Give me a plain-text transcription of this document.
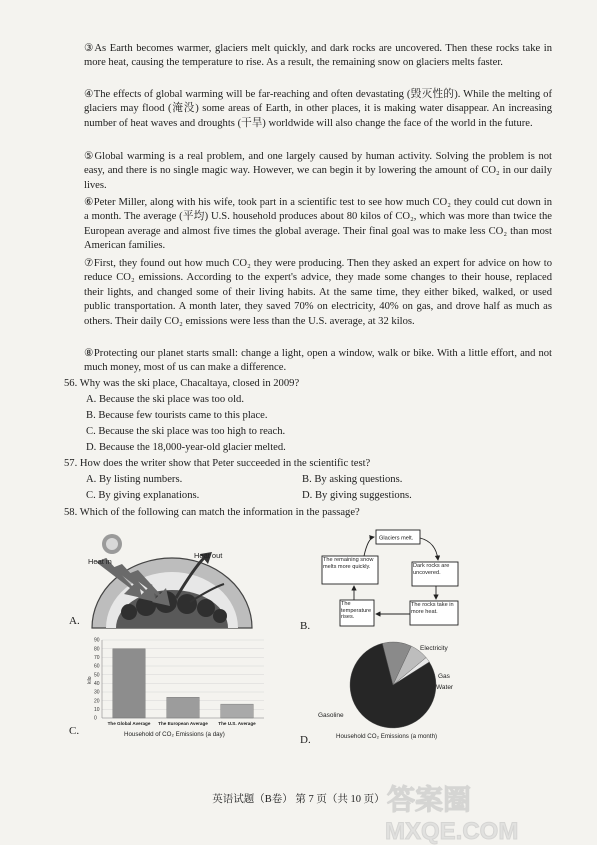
③As Earth becomes warmer, glaciers melt quickly, and dark rocks are uncovered. Then these rocks take in more heat, causing the temperature to rise. As a result, the remaining snow on glaciers melts faster.

④The effects of global warming will be far-reaching and often devastating (毁灭性的). While the melting of glaciers may flood (淹没) some areas of Earth, in other places, it is making water disappear. An increasing number of heat waves and droughts (干旱) worldwide will also change the face of the world in the future.

⑤Global warming is a real problem, and one largely caused by human activity. Solving the problem is not easy, and there is no single magic way. However, we can begin it by lowering the amount of CO₂ in our daily lives.

⑥Peter Miller, along with his wife, took part in a scientific test to see how much CO₂ they could cut down in a month. The average (平均) U.S. household produces about 80 kilos of CO₂, which was more than twice the European average and almost five times the global average. Their final goal was to make less CO₂ than most American families.

⑦First, they found out how much CO₂ they were producing. Then they asked an expert for advice on how to reduce CO₂ emissions. According to the expert's advice, they made some changes to their house, replaced their lights, and changed some of their living habits. At the same time, they either biked, walked, or used public transportation. A month later, they saved 70% on electricity, 40% on gas, and drove half as much as others. Their daily CO₂ emissions were less than the U.S. average, at 32 kilos.

⑧Protecting our planet starts small: change a light, open a window, walk or bike. With a little effort, and not much money, most of us can make a difference.

56. Why was the ski place, Chacaltaya, closed in 2009?
A. Because the ski place was too old.
B. Because few tourists came to this place.
C. Because the ski place was too high to reach.
D. Because the 18,000-year-old glacier melted.
57. How does the writer show that Peter succeeded in the scientific test?
A. By listing numbers.	B. By asking questions.
C. By giving explanations.	D. By giving suggestions.
58. Which of the following can match the information in the passage?
Heat in
Heat out
A.
Glaciers melt.
Dark rocks are uncovered.
The rocks take in more heat.
The temperature rises.
The remaining snow melts more quickly.
B.
0
10
20
30
40
50
60
70
80
90
The Global Average The European Average The U.S. Average
kilo
Household of CO₂ Emissions (a day)
C.
Electricity
Gas
Water
Gasoline
Household CO₂ Emissions (a month)
D.
英语试题（B卷） 第 7 页（共 10 页） 答案圈
MXQE.COM
